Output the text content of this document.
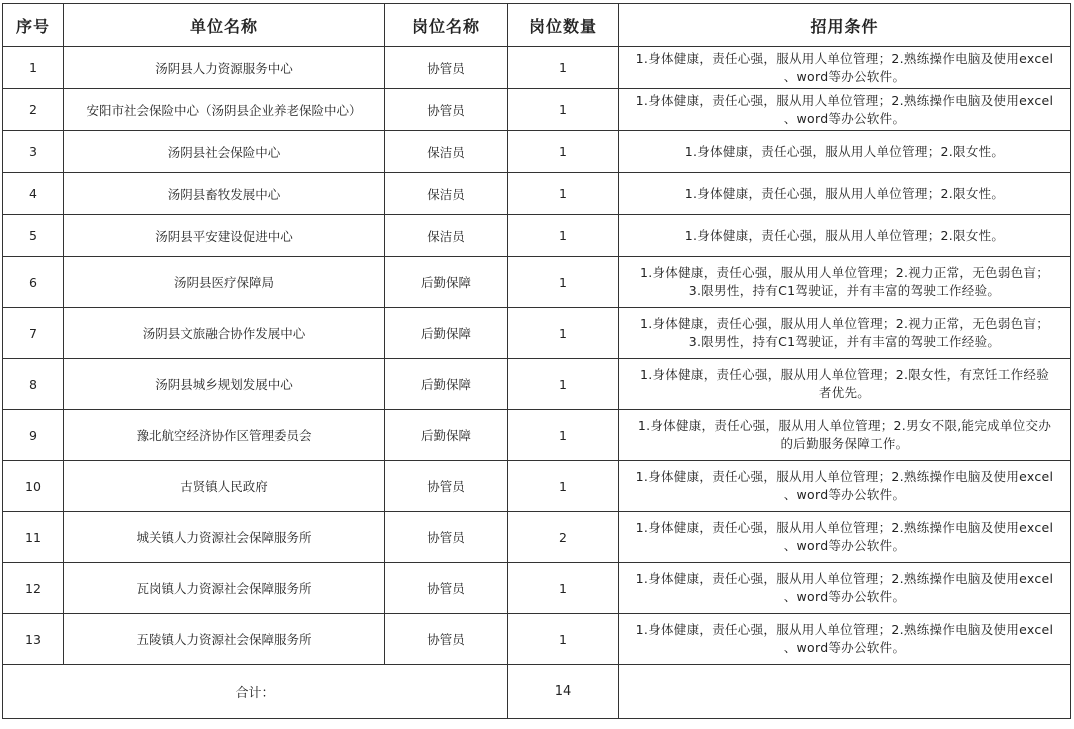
序号	单位名称	岗位名称	岗位数量	招用条件
1	汤阴县人力资源服务中心	协管员	1	1.身体健康，责任心强，服从用人单位管理；2.熟练操作电脑及使用excel
、word等办公软件。

2	安阳市社会保险中心（汤阴县企业养老保险中心）	协管员	1	1.身体健康，责任心强，服从用人单位管理；2.熟练操作电脑及使用excel
、word等办公软件。

3	汤阴县社会保险中心	保洁员	1	1.身体健康，责任心强，服从用人单位管理；2.限女性。

4	汤阴县畜牧发展中心	保洁员	1	1.身体健康，责任心强，服从用人单位管理；2.限女性。

5	汤阴县平安建设促进中心	保洁员	1	1.身体健康，责任心强，服从用人单位管理；2.限女性。

6	汤阴县医疗保障局	后勤保障	1	1.身体健康，责任心强，服从用人单位管理；2.视力正常，无色弱色盲；
3.限男性，持有C1驾驶证，并有丰富的驾驶工作经验。

7	汤阴县文旅融合协作发展中心	后勤保障	1	1.身体健康，责任心强，服从用人单位管理；2.视力正常，无色弱色盲；
3.限男性，持有C1驾驶证，并有丰富的驾驶工作经验。

8	汤阴县城乡规划发展中心	后勤保障	1	1.身体健康，责任心强，服从用人单位管理；2.限女性，有烹饪工作经验
者优先。

9	豫北航空经济协作区管理委员会	后勤保障	1	1.身体健康，责任心强，服从用人单位管理；2.男女不限,能完成单位交办
的后勤服务保障工作。

10	古贤镇人民政府	协管员	1	1.身体健康，责任心强，服从用人单位管理；2.熟练操作电脑及使用excel
、word等办公软件。

11	城关镇人力资源社会保障服务所	协管员	2	1.身体健康，责任心强，服从用人单位管理；2.熟练操作电脑及使用excel
、word等办公软件。

12	瓦岗镇人力资源社会保障服务所	协管员	1	1.身体健康，责任心强，服从用人单位管理；2.熟练操作电脑及使用excel
、word等办公软件。

13	五陵镇人力资源社会保障服务所	协管员	1	1.身体健康，责任心强，服从用人单位管理；2.熟练操作电脑及使用excel
、word等办公软件。

合计：			14	
